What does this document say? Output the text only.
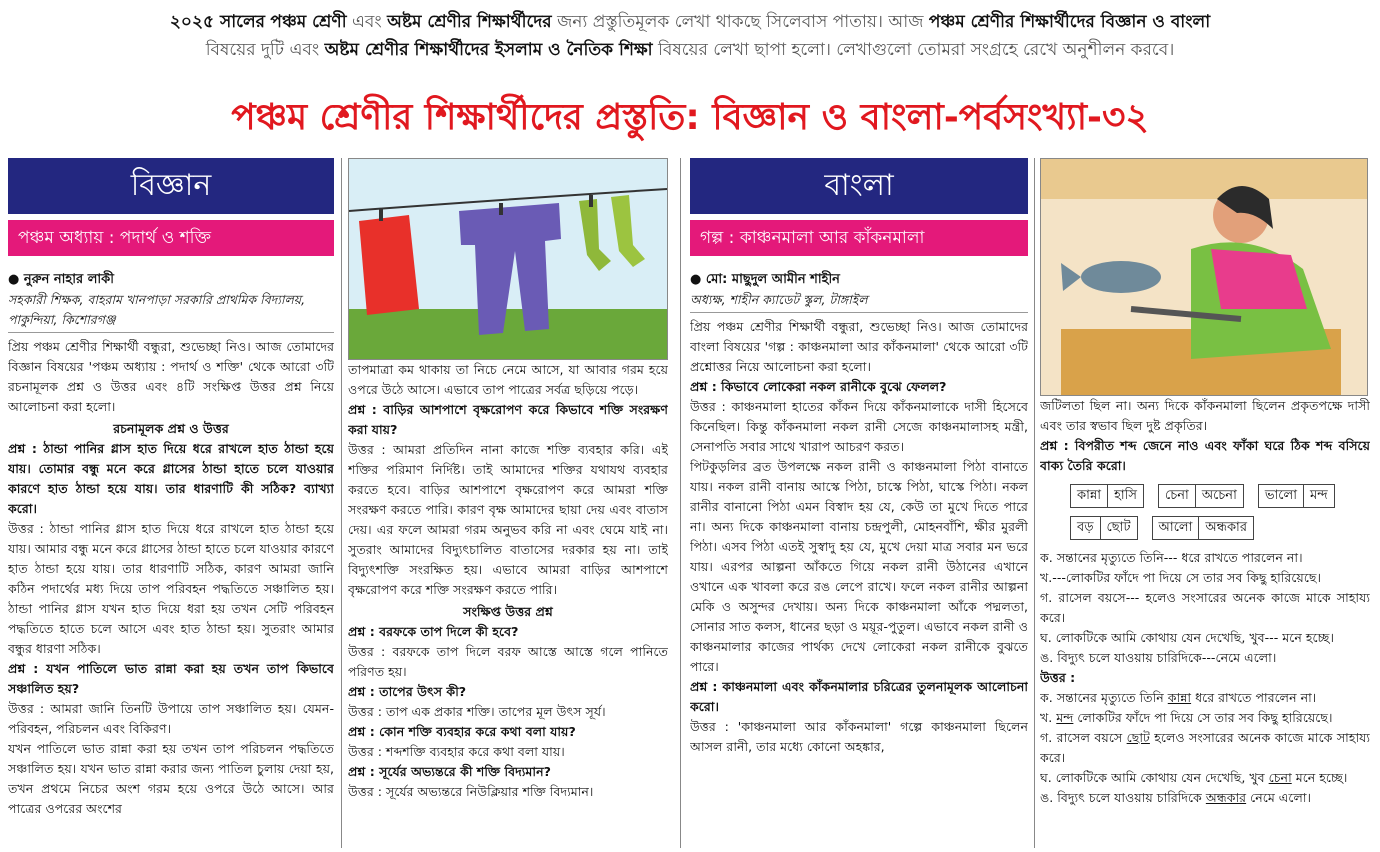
২০২৫ সালের পঞ্চম শ্রেণী এবং অষ্টম শ্রেণীর শিক্ষার্থীদের জন্য প্রস্তুতিমূলক লেখা থাকছে সিলেবাস পাতায়। আজ পঞ্চম শ্রেণীর শিক্ষার্থীদের বিজ্ঞান ও বাংলা
বিষয়ের দুটি এবং অষ্টম শ্রেণীর শিক্ষার্থীদের ইসলাম ও নৈতিক শিক্ষা বিষয়ের লেখা ছাপা হলো। লেখাগুলো তোমরা সংগ্রহে রেখে অনুশীলন করবে।
পঞ্চম শ্রেণীর শিক্ষার্থীদের প্রস্তুতি: বিজ্ঞান ও বাংলা-পর্বসংখ্যা-৩২
বিজ্ঞান
পঞ্চম অধ্যায় : পদার্থ ও শক্তি
● নুরুন নাহার লাকী
সহকারী শিক্ষক, বাহরাম খানপাড়া সরকারি প্রাথমিক বিদ্যালয়, পাকুন্দিয়া, কিশোরগঞ্জ

প্রিয় পঞ্চম শ্রেণীর শিক্ষার্থী বন্ধুরা, শুভেচ্ছা নিও। আজ তোমাদের বিজ্ঞান বিষয়ের 'পঞ্চম অধ্যায় : পদার্থ ও শক্তি' থেকে আরো ৩টি রচনামূলক প্রশ্ন ও উত্তর এবং ৪টি সংক্ষিপ্ত উত্তর প্রশ্ন নিয়ে আলোচনা করা হলো।

রচনামূলক প্রশ্ন ও উত্তর

প্রশ্ন : ঠান্ডা পানির গ্লাস হাত দিয়ে ধরে রাখলে হাত ঠান্ডা হয়ে যায়। তোমার বন্ধু মনে করে গ্লাসের ঠান্ডা হাতে চলে যাওয়ার কারণে হাত ঠান্ডা হয়ে যায়। তার ধারণাটি কী সঠিক? ব্যাখ্যা করো।

উত্তর : ঠান্ডা পানির গ্লাস হাত দিয়ে ধরে রাখলে হাত ঠান্ডা হয়ে যায়। আমার বন্ধু মনে করে গ্লাসের ঠান্ডা হাতে চলে যাওয়ার কারণে হাত ঠান্ডা হয়ে যায়। তার ধারণাটি সঠিক, কারণ আমরা জানি কঠিন পদার্থের মধ্য দিয়ে তাপ পরিবহন পদ্ধতিতে সঞ্চালিত হয়। ঠান্ডা পানির গ্লাস যখন হাত দিয়ে ধরা হয় তখন সেটি পরিবহন পদ্ধতিতে হাতে চলে আসে এবং হাত ঠান্ডা হয়। সুতরাং আমার বন্ধুর ধারণা সঠিক।

প্রশ্ন : যখন পাতিলে ভাত রান্না করা হয় তখন তাপ কিভাবে সঞ্চালিত হয়?

উত্তর : আমরা জানি তিনটি উপায়ে তাপ সঞ্চালিত হয়। যেমন- পরিবহন, পরিচলন এবং বিকিরণ।

যখন পাতিলে ভাত রান্না করা হয় তখন তাপ পরিচলন পদ্ধতিতে সঞ্চালিত হয়। যখন ভাত রান্না করার জন্য পাতিল চুলায় দেয়া হয়, তখন প্রথমে নিচের অংশ গরম হয়ে ওপরে উঠে আসে। আর পাত্রের ওপরের অংশের

তাপমাত্রা কম থাকায় তা নিচে নেমে আসে, যা আবার গরম হয়ে ওপরে উঠে আসে। এভাবে তাপ পাত্রের সর্বত্র ছড়িয়ে পড়ে।

প্রশ্ন : বাড়ির আশপাশে বৃক্ষরোপণ করে কিভাবে শক্তি সংরক্ষণ করা যায়?

উত্তর : আমরা প্রতিদিন নানা কাজে শক্তি ব্যবহার করি। এই শক্তির পরিমাণ নির্দিষ্ট। তাই আমাদের শক্তির যথাযথ ব্যবহার করতে হবে। বাড়ির আশপাশে বৃক্ষরোপণ করে আমরা শক্তি সংরক্ষণ করতে পারি। কারণ বৃক্ষ আমাদের ছায়া দেয় এবং বাতাস দেয়। এর ফলে আমরা গরম অনুভব করি না এবং ঘেমে যাই না। সুতরাং আমাদের বিদ্যুৎচালিত বাতাসের দরকার হয় না। তাই বিদ্যুৎশক্তি সংরক্ষিত হয়। এভাবে আমরা বাড়ির আশপাশে বৃক্ষরোপণ করে শক্তি সংরক্ষণ করতে পারি।

সংক্ষিপ্ত উত্তর প্রশ্ন

প্রশ্ন : বরফকে তাপ দিলে কী হবে?

উত্তর : বরফকে তাপ দিলে বরফ আস্তে আস্তে গলে পানিতে পরিণত হয়।

প্রশ্ন : তাপের উৎস কী?

উত্তর : তাপ এক প্রকার শক্তি। তাপের মূল উৎস সূর্য।

প্রশ্ন : কোন শক্তি ব্যবহার করে কথা বলা যায়?

উত্তর : শব্দশক্তি ব্যবহার করে কথা বলা যায়।

প্রশ্ন : সূর্যের অভ্যন্তরে কী শক্তি বিদ্যমান?

উত্তর : সূর্যের অভ্যন্তরে নিউক্লিয়ার শক্তি বিদ্যমান।

বাংলা
গল্প : কাঞ্চনমালা আর কাঁকনমালা
● মো: মাছুদুল আমীন শাহীন
অধ্যক্ষ, শাহীন ক্যাডেট স্কুল, টাঙ্গাইল

প্রিয় পঞ্চম শ্রেণীর শিক্ষার্থী বন্ধুরা, শুভেচ্ছা নিও। আজ তোমাদের বাংলা বিষয়ের 'গল্প : কাঞ্চনমালা আর কাঁকনমালা' থেকে আরো ৩টি প্রশ্নোত্তর নিয়ে আলোচনা করা হলো।

প্রশ্ন : কিভাবে লোকেরা নকল রানীকে বুঝে ফেলল?

উত্তর : কাঞ্চনমালা হাতের কাঁকন দিয়ে কাঁকনমালাকে দাসী হিসেবে কিনেছিল। কিন্তু কাঁকনমালা নকল রানী সেজে কাঞ্চনমালাসহ মন্ত্রী, সেনাপতি সবার সাথে খারাপ আচরণ করত।

পিটকুড়লির ব্রত উপলক্ষে নকল রানী ও কাঞ্চনমালা পিঠা বানাতে যায়। নকল রানী বানায় আস্কে পিঠা, চাস্কে পিঠা, ঘাস্কে পিঠা। নকল রানীর বানানো পিঠা এমন বিস্বাদ হয় যে, কেউ তা মুখে দিতে পারে না। অন্য দিকে কাঞ্চনমালা বানায় চন্দ্রপুলী, মোহনবাঁশি, ক্ষীর মুরলী পিঠা। এসব পিঠা এতই সুস্বাদু হয় যে, মুখে দেয়া মাত্র সবার মন ভরে যায়। এরপর আল্পনা আঁকতে গিয়ে নকল রানী উঠানের এখানে ওখানে এক খাবলা করে রঙ লেপে রাখে। ফলে নকল রানীর আল্পনা মেকি ও অসুন্দর দেখায়। অন্য দিকে কাঞ্চনমালা আঁকে পদ্মলতা, সোনার সাত কলস, ধানের ছড়া ও ময়ূর-পুতুল। এভাবে নকল রানী ও কাঞ্চনমালার কাজের পার্থক্য দেখে লোকেরা নকল রানীকে বুঝতে পারে।

প্রশ্ন : কাঞ্চনমালা এবং কাঁকনমালার চরিত্রের তুলনামূলক আলোচনা করো।

উত্তর : 'কাঞ্চনমালা আর কাঁকনমালা' গল্পে কাঞ্চনমালা ছিলেন আসল রানী, তার মধ্যে কোনো অহঙ্কার,

জটিলতা ছিল না। অন্য দিকে কাঁকনমালা ছিলেন প্রকৃতপক্ষে দাসী এবং তার স্বভাব ছিল দুষ্ট প্রকৃতির।

প্রশ্ন : বিপরীত শব্দ জেনে নাও এবং ফাঁকা ঘরে ঠিক শব্দ বসিয়ে বাক্য তৈরি করো।

কান্না	হাসি	চেনা	অচেনা	ভালো	মন্দ
বড়	ছোট	আলো	অন্ধকার

ক. সন্তানের মৃত্যুতে তিনি--- ধরে রাখতে পারলেন না।

খ.---লোকটির ফাঁদে পা দিয়ে সে তার সব কিছু হারিয়েছে।

গ. রাসেল বয়সে--- হলেও সংসারের অনেক কাজে মাকে সাহায্য করে।

ঘ. লোকটিকে আমি কোথায় যেন দেখেছি, খুব--- মনে হচ্ছে।

ঙ. বিদ্যুৎ চলে যাওয়ায় চারিদিকে---নেমে এলো।

উত্তর :

ক. সন্তানের মৃত্যুতে তিনি কান্না ধরে রাখতে পারলেন না।

খ. মন্দ লোকটির ফাঁদে পা দিয়ে সে তার সব কিছু হারিয়েছে।

গ. রাসেল বয়সে ছোট হলেও সংসারের অনেক কাজে মাকে সাহায্য করে।

ঘ. লোকটিকে আমি কোথায় যেন দেখেছি, খুব চেনা মনে হচ্ছে।

ঙ. বিদ্যুৎ চলে যাওয়ায় চারিদিকে অন্ধকার নেমে এলো।
